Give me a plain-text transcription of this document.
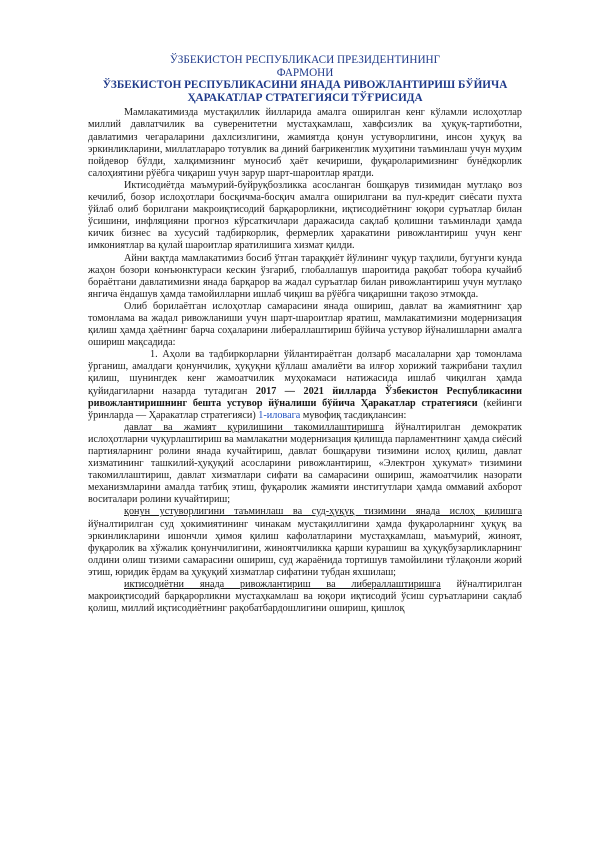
ЎЗБЕКИСТОН РЕСПУБЛИКАСИ ПРЕЗИДЕНТИНИНГ
ФАРМОНИ
ЎЗБЕКИСТОН РЕСПУБЛИКАСИНИ ЯНАДА РИВОЖЛАНТИРИШ БЎЙИЧА
ҲАРАКАТЛАР СТРАТЕГИЯСИ ТЎҒРИСИДА

Мамлакатимизда мустақиллик йилларида амалга оширилган кенг кўламли ислоҳотлар миллий давлатчилик ва суверенитетни мустаҳкамлаш, хавфсизлик ва ҳуқуқ-тартиботни, давлатимиз чегараларини дахлсизлигини, жамиятда қонун устуворлигини, инсон ҳуқуқ ва эркинликларини, миллатлараро тотувлик ва диний бағрикенглик муҳитини таъминлаш учун муҳим пойдевор бўлди, халқимизнинг муносиб ҳаёт кечириши, фуқароларимизнинг бунёдкорлик салоҳиятини рўёбга чиқариш учун зарур шарт-шароитлар яратди.

Иктисодиётда маъмурий-буйруқбозликка асосланган бошқарув тизимидан мутлақо воз кечилиб, бозор ислоҳотлари босқичма-босқич амалга оширилгани ва пул-кредит сиёсати пухта ўйлаб олиб борилгани макроиқтисодий барқарорликни, иқтисодиётнинг юқори суръатлар билан ўсишини, инфляцияни прогноз кўрсаткичлари даражасида сақлаб қолишни таъминлади ҳамда кичик бизнес ва хусусий тадбиркорлик, фермерлик ҳаракатини ривожлантириш учун кенг имкониятлар ва қулай шароитлар яратилишига хизмат қилди.

Айни вақтда мамлакатимиз босиб ўтган тараққиёт йўлининг чуқур таҳлили, бугунги кунда жаҳон бозори конъюнктураси кескин ўзгариб, глобаллашув шароитида рақобат тобора кучайиб бораётгани давлатимизни янада барқарор ва жадал суръатлар билан ривожлантириш учун мутлақо янгича ёндашув ҳамда тамойилларни ишлаб чиқиш ва рўёбга чиқаришни тақозо этмоқда.

Олиб борилаётган ислоҳотлар самарасини янада ошириш, давлат ва жамиятнинг ҳар томонлама ва жадал ривожланиши учун шарт-шароитлар яратиш, мамлакатимизни модернизация қилиш ҳамда ҳаётнинг барча соҳаларини либераллаштириш бўйича устувор йўналишларни амалга ошириш мақсадида:

1. Аҳоли ва тадбиркорларни ўйлантираётган долзарб масалаларни ҳар томонлама ўрганиш, амалдаги қонунчилик, ҳуқуқни қўллаш амалиёти ва илғор хорижий тажрибани таҳлил қилиш, шунингдек кенг жамоатчилик муҳокамаси натижасида ишлаб чиқилган ҳамда қуйидагиларни назарда тутадиган 2017 — 2021 йилларда Ўзбекистон Республикасини ривожлантиришнинг бешта устувор йўналиши бўйича Ҳаракатлар стратегияси (кейинги ўринларда — Ҳаракатлар стратегияси) 1-иловага мувофиқ тасдиқлансин:

давлат ва жамият қурилишини такомиллаштиришга йўналтирилган демократик ислоҳотларни чуқурлаштириш ва мамлакатни модернизация қилишда парламентнинг ҳамда сиёсий партияларнинг ролини янада кучайтириш, давлат бошқаруви тизимини ислоҳ қилиш, давлат хизматининг ташкилий-ҳуқуқий асосларини ривожлантириш, «Электрон ҳукумат» тизимини такомиллаштириш, давлат хизматлари сифати ва самарасини ошириш, жамоатчилик назорати механизмларини амалда татбиқ этиш, фуқаролик жамияти институтлари ҳамда оммавий ахборот воситалари ролини кучайтириш;

қонун устуворлигини таъминлаш ва суд-ҳуқуқ тизимини янада ислоҳ қилишга йўналтирилган суд ҳокимиятининг чинакам мустақиллигини ҳамда фуқароларнинг ҳуқуқ ва эркинликларини ишончли ҳимоя қилиш кафолатларини мустаҳкамлаш, маъмурий, жиноят, фуқаролик ва хўжалик қонунчилигини, жиноятчиликка қарши курашиш ва ҳуқуқбузарликларнинг олдини олиш тизими самарасини ошириш, суд жараёнида тортишув тамойилини тўлақонли жорий этиш, юридик ёрдам ва ҳуқуқий хизматлар сифатини тубдан яхшилаш;

иктисодиётни янада ривожлантириш ва либераллаштиришга йўналтирилган макроиқтисодий барқарорликни мустаҳкамлаш ва юқори иқтисодий ўсиш суръатларини сақлаб қолиш, миллий иқтисодиётнинг рақобатбардошлигини ошириш, қишлоқ
